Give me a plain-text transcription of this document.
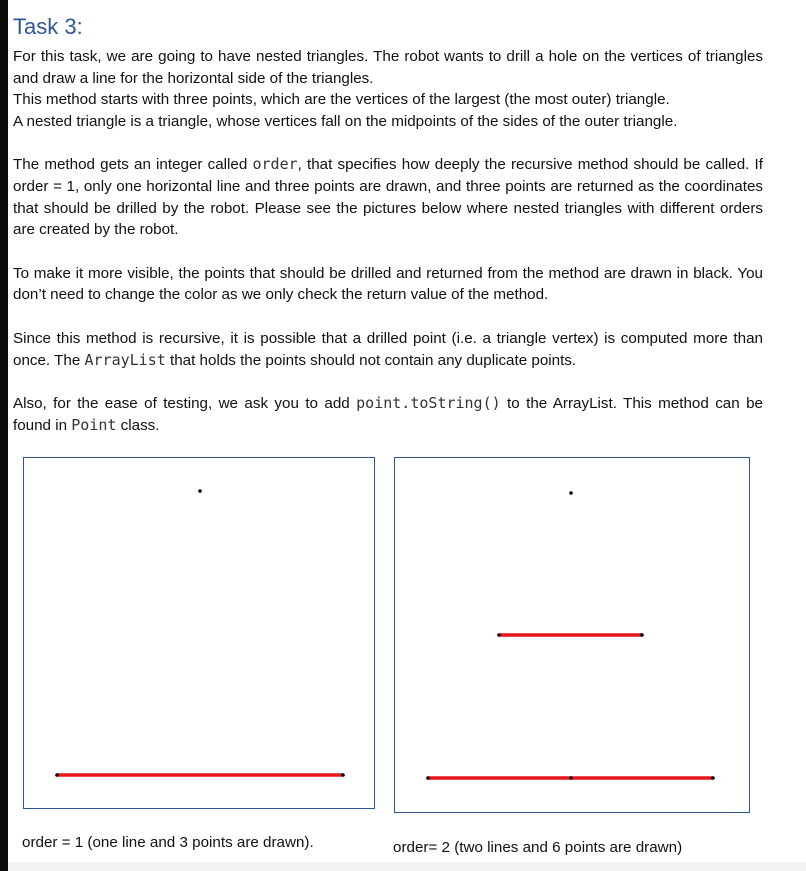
Task 3:
For this task, we are going to have nested triangles. The robot wants to drill a hole on the vertices of triangles and draw a line for the horizontal side of the triangles.
This method starts with three points, which are the vertices of the largest (the most outer) triangle.
A nested triangle is a triangle, whose vertices fall on the midpoints of the sides of the outer triangle.

The method gets an integer called order, that specifies how deeply the recursive method should be called. If order = 1, only one horizontal line and three points are drawn, and three points are returned as the coordinates that should be drilled by the robot. Please see the pictures below where nested triangles with different orders are created by the robot.

To make it more visible, the points that should be drilled and returned from the method are drawn in black. You don’t need to change the color as we only check the return value of the method.

Since this method is recursive, it is possible that a drilled point (i.e. a triangle vertex) is computed more than once. The ArrayList that holds the points should not contain any duplicate points.

Also, for the ease of testing, we ask you to add point.toString() to the ArrayList. This method can be found in Point class.

order = 1 (one line and 3 points are drawn).	order= 2 (two lines and 6 points are drawn)
